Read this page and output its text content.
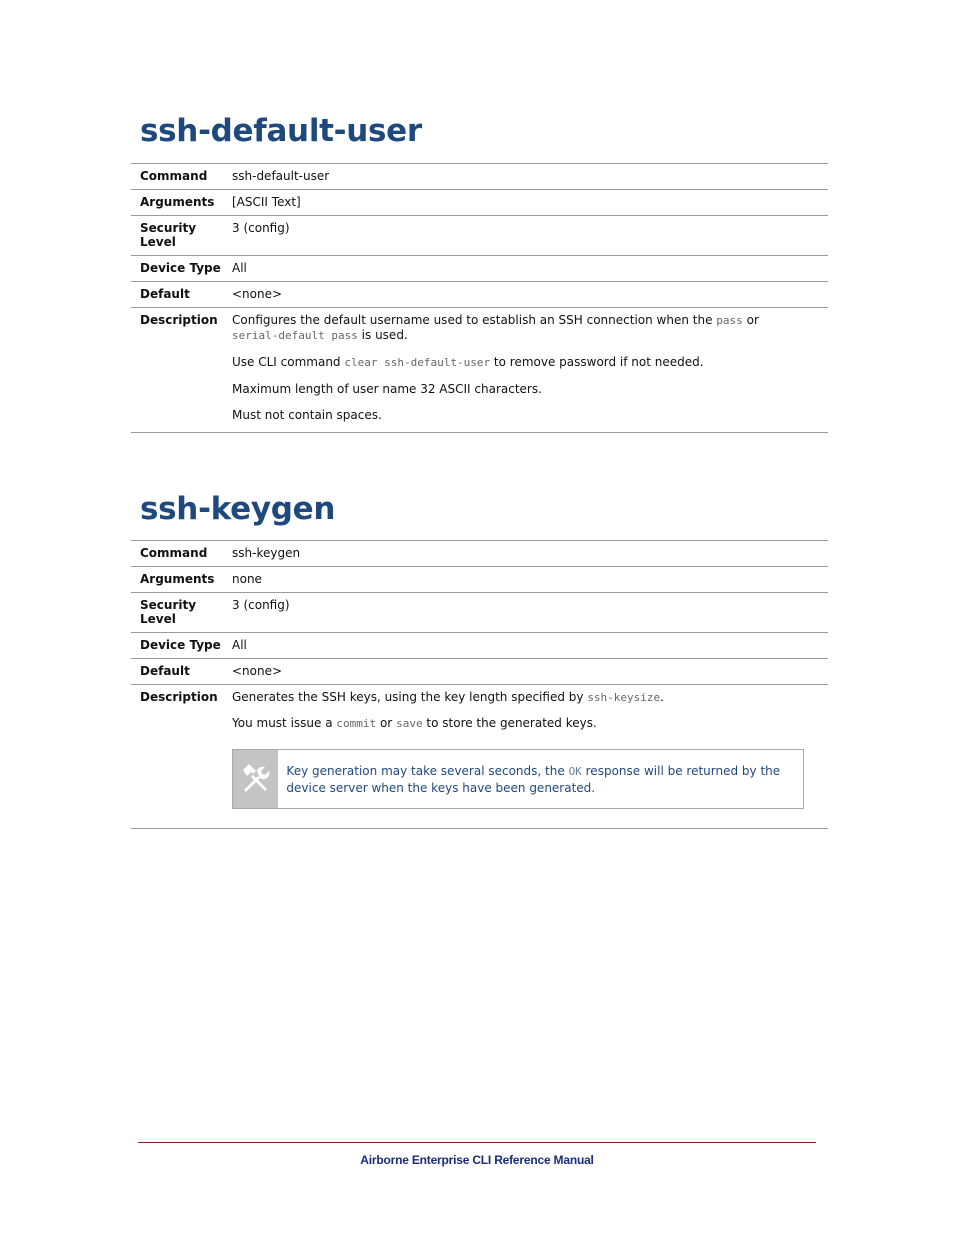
ssh-default-user
Command	ssh-default-user
Arguments	[ASCII Text]
Security
Level	3 (config)
Device Type	All
Default	<none>
Description	Configures the default username used to establish an SSH connection when the pass or serial-default pass is used.

Use CLI command clear ssh-default-user to remove password if not needed.

Maximum length of user name 32 ASCII characters.

Must not contain spaces.

ssh-keygen
Command	ssh-keygen
Arguments	none
Security
Level	3 (config)
Device Type	All
Default	<none>
Description	Generates the SSH keys, using the key length specified by ssh-keysize.

You must issue a commit or save to store the generated keys.

Key generation may take several seconds, the OK response will be returned by the device server when the keys have been generated.
Airborne Enterprise CLI Reference Manual
